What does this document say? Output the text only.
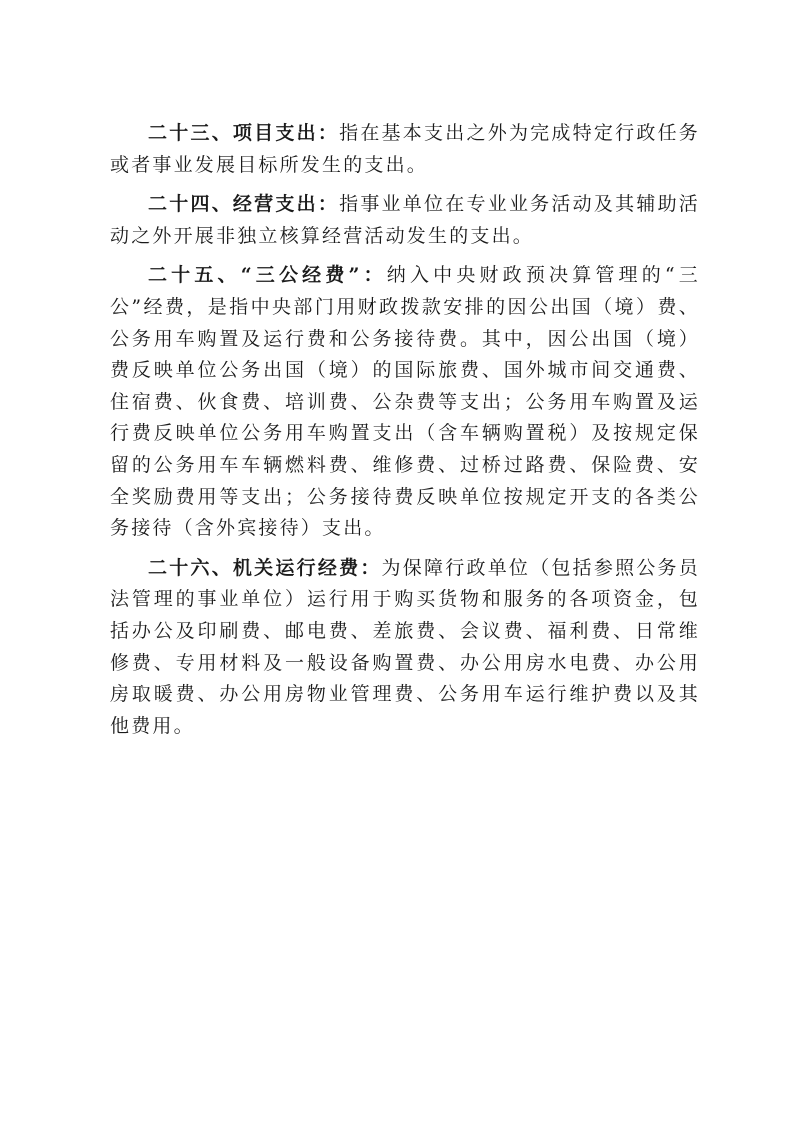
二十三、项目支出：指在基本支出之外为完成特定行政任务或者事业发展目标所发生的支出。

二十四、经营支出：指事业单位在专业业务活动及其辅助活动之外开展非独立核算经营活动发生的支出。

二十五、“三公经费”：纳入中央财政预决算管理的“三公”经费，是指中央部门用财政拨款安排的因公出国（境）费、公务用车购置及运行费和公务接待费。其中，因公出国（境）费反映单位公务出国（境）的国际旅费、国外城市间交通费、住宿费、伙食费、培训费、公杂费等支出；公务用车购置及运行费反映单位公务用车购置支出（含车辆购置税）及按规定保留的公务用车车辆燃料费、维修费、过桥过路费、保险费、安全奖励费用等支出；公务接待费反映单位按规定开支的各类公务接待（含外宾接待）支出。

二十六、机关运行经费：为保障行政单位（包括参照公务员法管理的事业单位）运行用于购买货物和服务的各项资金，包括办公及印刷费、邮电费、差旅费、会议费、福利费、日常维修费、专用材料及一般设备购置费、办公用房水电费、办公用房取暖费、办公用房物业管理费、公务用车运行维护费以及其他费用。
